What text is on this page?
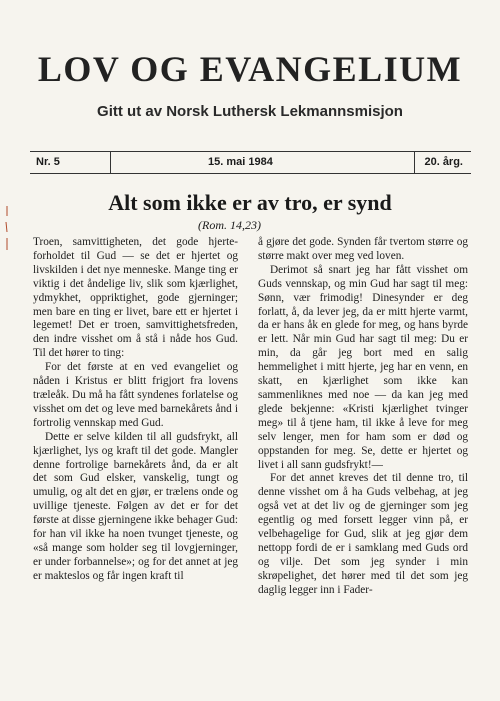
LOV OG EVANGELIUM
Gitt ut av Norsk Luthersk Lekmannsmisjon
Nr. 5	15. mai 1984	20. årg.
Alt som ikke er av tro, er synd
(Rom. 14,23)

Troen, samvittigheten, det gode hjerte-forholdet til Gud — se det er hjertet og livskilden i det nye menneske. Mange ting er viktig i det åndelige liv, slik som kjærlighet, ydmykhet, oppriktighet, gode gjerninger; men bare en ting er livet, bare ett er hjertet i legemet! Det er troen, samvittighetsfreden, den indre visshet om å stå i nåde hos Gud. Til det hører to ting:

For det første at en ved evangeliet og nåden i Kristus er blitt frigjort fra lovens træleåk. Du må ha fått syndenes forlatelse og visshet om det og leve med barnekårets ånd i fortrolig vennskap med Gud.

Dette er selve kilden til all gudsfrykt, all kjærlighet, lys og kraft til det gode. Mangler denne fortrolige barnekårets ånd, da er alt det som Gud elsker, vanskelig, tungt og umulig, og alt det en gjør, er trælens onde og uvillige tjeneste. Følgen av det er for det første at disse gjerningene ikke behager Gud: for han vil ikke ha noen tvunget tjeneste, og «så mange som holder seg til lovgjerninger, er under forbannelse»; og for det annet at jeg er makteslos og får ingen kraft til

å gjøre det gode. Synden får tvertom større og større makt over meg ved loven.

Derimot så snart jeg har fått visshet om Guds vennskap, og min Gud har sagt til meg: Sønn, vær frimodig! Dinesynder er deg forlatt, å, da lever jeg, da er mitt hjerte varmt, da er hans åk en glede for meg, og hans byrde er lett. Når min Gud har sagt til meg: Du er min, da går jeg bort med en salig hemmelighet i mitt hjerte, jeg har en venn, en skatt, en kjærlighet som ikke kan sammenliknes med noe — da kan jeg med glede bekjenne: «Kristi kjærlighet tvinger meg» til å tjene ham, til ikke å leve for meg selv lenger, men for ham som er død og oppstanden for meg. Se, dette er hjertet og livet i all sann gudsfrykt!—

For det annet kreves det til denne tro, til denne visshet om å ha Guds velbehag, at jeg også vet at det liv og de gjerninger som jeg egentlig og med forsett legger vinn på, er velbehagelige for Gud, slik at jeg gjør dem nettopp fordi de er i samklang med Guds ord og vilje. Det som jeg synder i min skrøpelighet, det hører med til det som jeg daglig legger inn i Fader-
